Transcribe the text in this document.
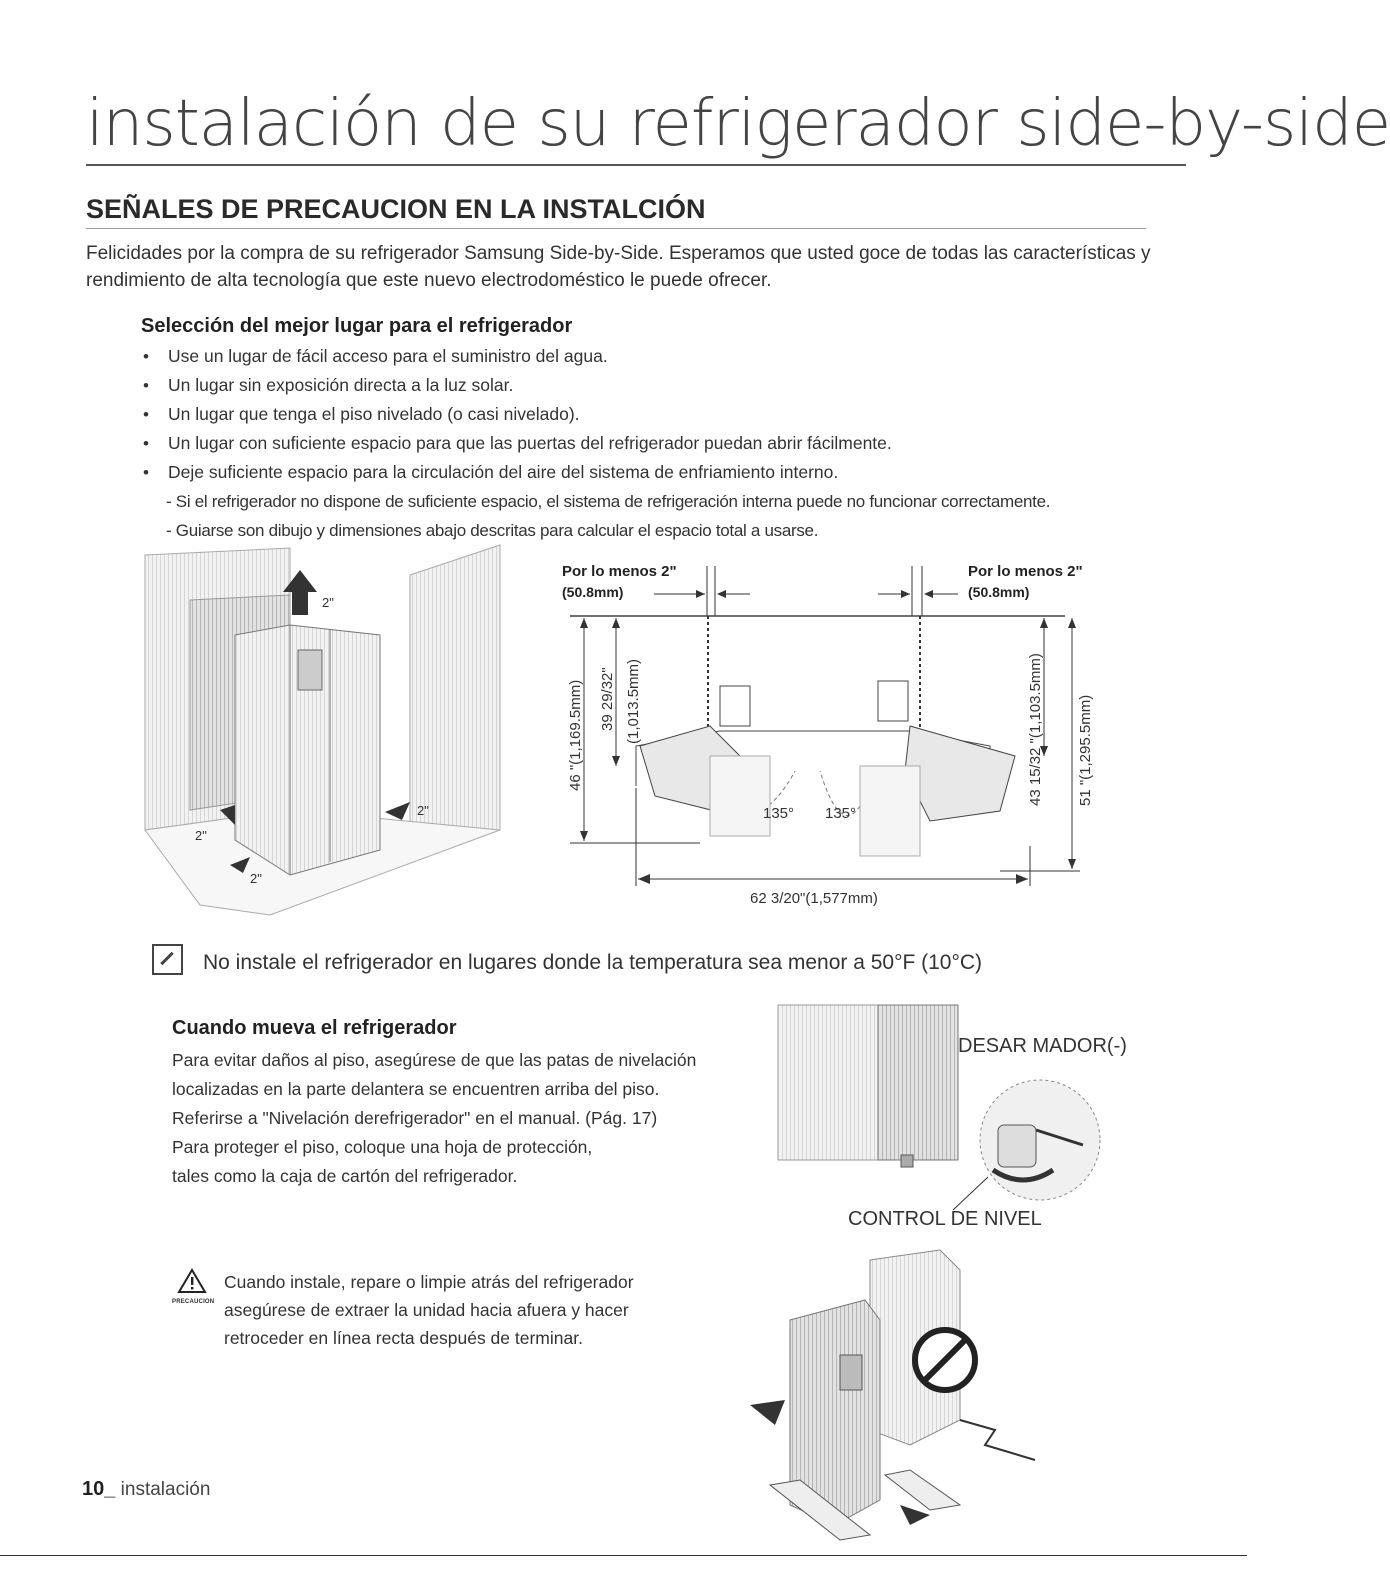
instalación de su refrigerador side-by-side
SEÑALES DE PRECAUCION EN LA INSTALCIÓN
Felicidades por la compra de su refrigerador Samsung Side-by-Side. Esperamos que usted goce de todas las características y rendimiento de alta tecnología que este nuevo electrodoméstico le puede ofrecer.
Selección del mejor lugar para el refrigerador
• Use un lugar de fácil acceso para el suministro del agua.
• Un lugar sin exposición directa a la luz solar.
• Un lugar que tenga el piso nivelado (o casi nivelado).
• Un lugar con suficiente espacio para que las puertas del refrigerador puedan abrir fácilmente.
• Deje suficiente espacio para la circulación del aire del sistema de enfriamiento interno.
- Si el refrigerador no dispone de suficiente espacio, el sistema de refrigeración interna puede no funcionar correctamente.
- Guiarse son dibujo y dimensiones abajo descritas para calcular el espacio total a usarse.
2"
2"
2"
2"
Por lo menos 2"
(50.8mm)
Por lo menos 2"
(50.8mm)
135° 135°
62 3/20"(1,577mm)
46 "(1,169.5mm) 39 29/32" (1,013.5mm)	43 15/32 "(1,103.5mm) 51 "(1,295.5mm)
No instale el refrigerador en lugares donde la temperatura sea menor a 50°F (10°C)
Cuando mueva el refrigerador
Para evitar daños al piso, asegúrese de que las patas de nivelación
localizadas en la parte delantera se encuentren arriba del piso.
Referirse a "Nivelación derefrigerador" en el manual. (Pág. 17)
Para proteger el piso, coloque una hoja de protección,
tales como la caja de cartón del refrigerador.
DESAR MADOR(-)
CONTROL DE NIVEL
PRECAUCION
Cuando instale, repare o limpie atrás del refrigerador
asegúrese de extraer la unidad hacia afuera y hacer
retroceder en línea recta después de terminar.
10_ instalación
